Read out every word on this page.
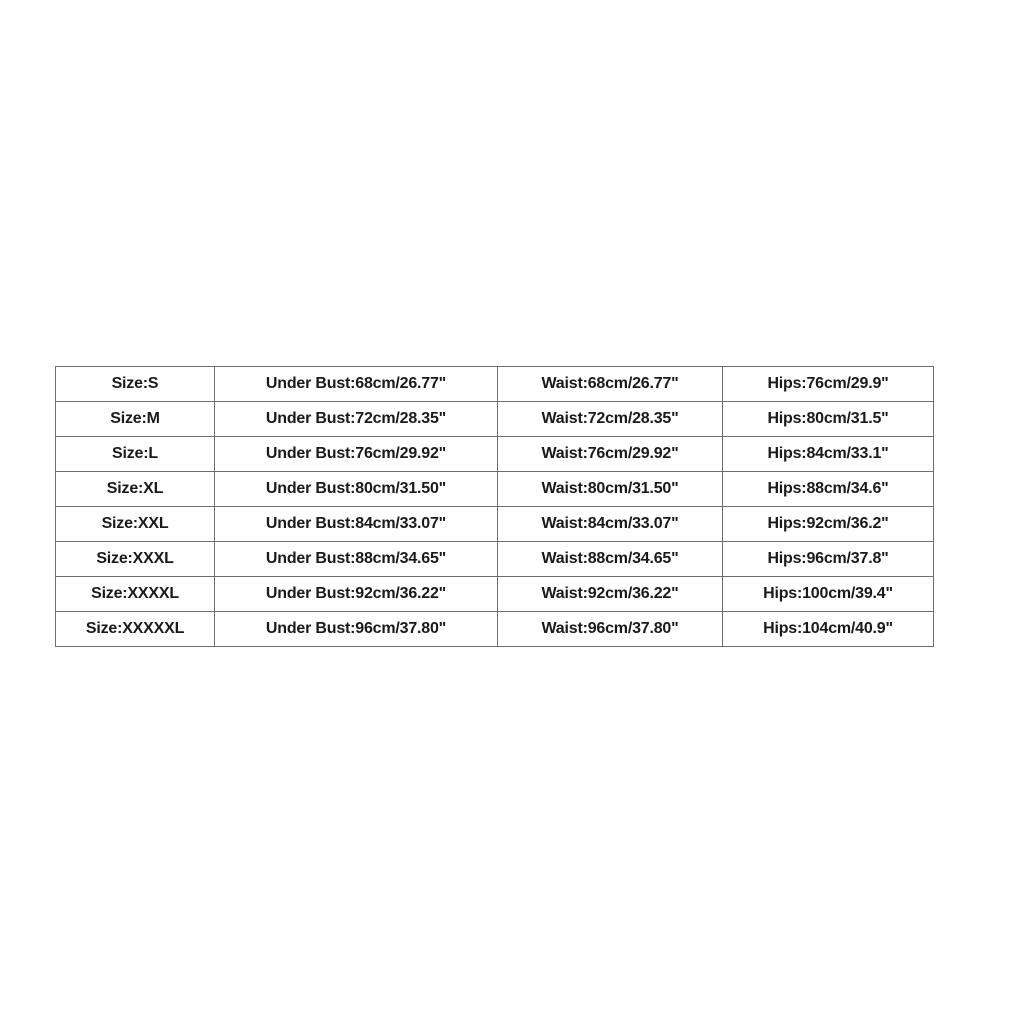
Size:S	Under Bust:68cm/26.77"	Waist:68cm/26.77"	Hips:76cm/29.9"
Size:M	Under Bust:72cm/28.35"	Waist:72cm/28.35"	Hips:80cm/31.5"
Size:L	Under Bust:76cm/29.92"	Waist:76cm/29.92"	Hips:84cm/33.1"
Size:XL	Under Bust:80cm/31.50"	Waist:80cm/31.50"	Hips:88cm/34.6"
Size:XXL	Under Bust:84cm/33.07"	Waist:84cm/33.07"	Hips:92cm/36.2"
Size:XXXL	Under Bust:88cm/34.65"	Waist:88cm/34.65"	Hips:96cm/37.8"
Size:XXXXL	Under Bust:92cm/36.22"	Waist:92cm/36.22"	Hips:100cm/39.4"
Size:XXXXXL	Under Bust:96cm/37.80"	Waist:96cm/37.80"	Hips:104cm/40.9"
